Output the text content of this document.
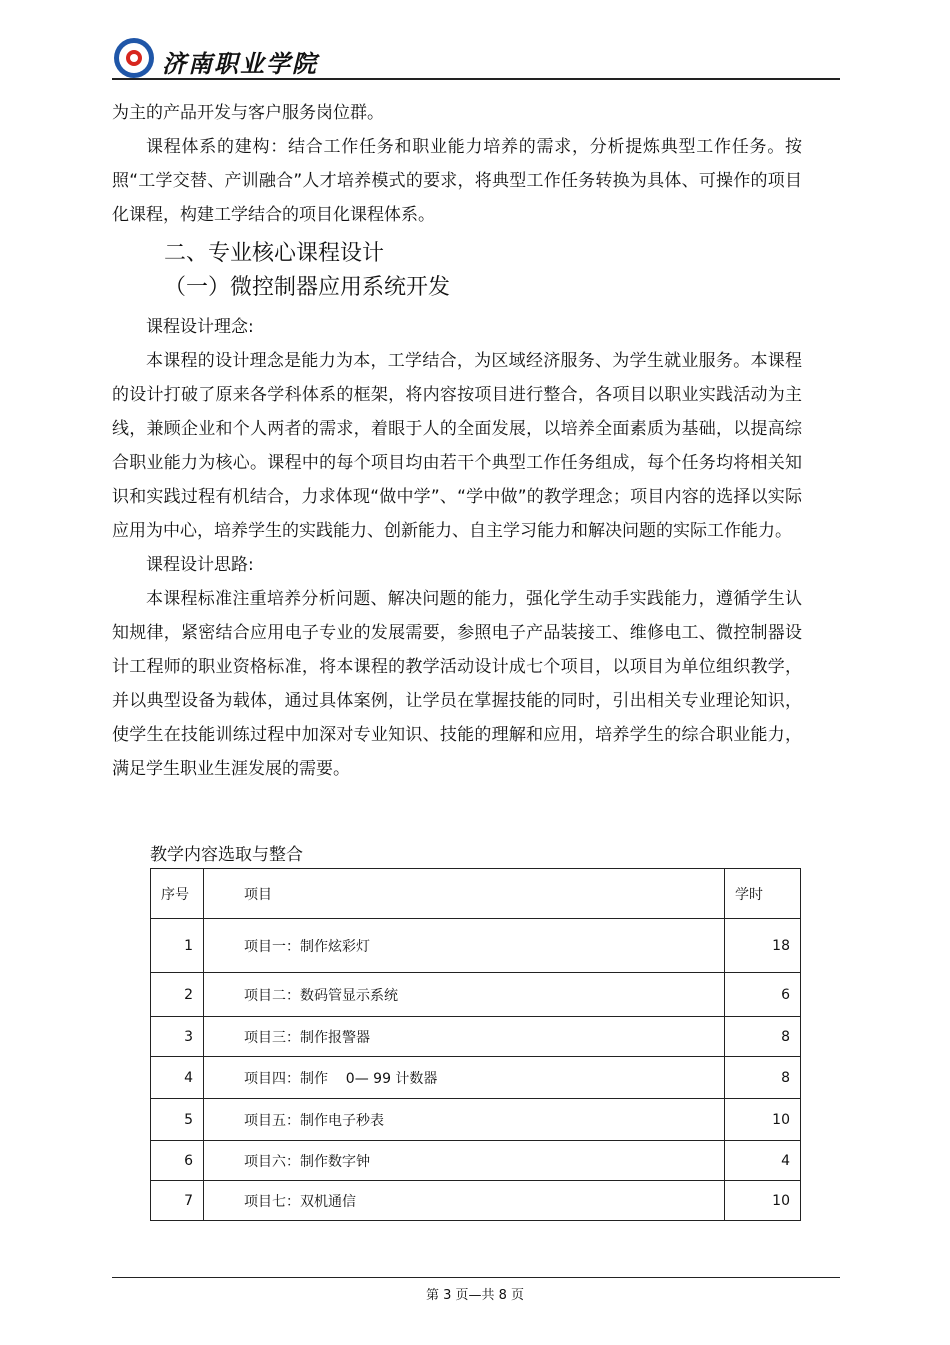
济南职业学院

为主的产品开发与客户服务岗位群。

课程体系的建构：结合工作任务和职业能力培养的需求，分析提炼典型工作任务。按照“工学交替、产训融合”人才培养模式的要求，将典型工作任务转换为具体、可操作的项目化课程，构建工学结合的项目化课程体系。

二、专业核心课程设计
（一）微控制器应用系统开发

课程设计理念:

本课程的设计理念是能力为本，工学结合，为区域经济服务、为学生就业服务。本课程的设计打破了原来各学科体系的框架，将内容按项目进行整合，各项目以职业实践活动为主线，兼顾企业和个人两者的需求，着眼于人的全面发展，以培养全面素质为基础，以提高综合职业能力为核心。课程中的每个项目均由若干个典型工作任务组成，每个任务均将相关知识和实践过程有机结合，力求体现“做中学”、“学中做”的教学理念；项目内容的选择以实际应用为中心，培养学生的实践能力、创新能力、自主学习能力和解决问题的实际工作能力。

课程设计思路:

本课程标准注重培养分析问题、解决问题的能力，强化学生动手实践能力，遵循学生认知规律，紧密结合应用电子专业的发展需要，参照电子产品装接工、维修电工、微控制器设计工程师的职业资格标准，将本课程的教学活动设计成七个项目，以项目为单位组织教学，并以典型设备为载体，通过具体案例，让学员在掌握技能的同时，引出相关专业理论知识，使学生在技能训练过程中加深对专业知识、技能的理解和应用，培养学生的综合职业能力，满足学生职业生涯发展的需要。

教学内容选取与整合
序号	项目	学时
1	项目一：制作炫彩灯	18
2	项目二：数码管显示系统	6
3	项目三：制作报警器	8
4	项目四：制作    0— 99 计数器	8
5	项目五：制作电子秒表	10
6	项目六：制作数字钟	4
7	项目七：双机通信	10
第 3 页—共 8 页
